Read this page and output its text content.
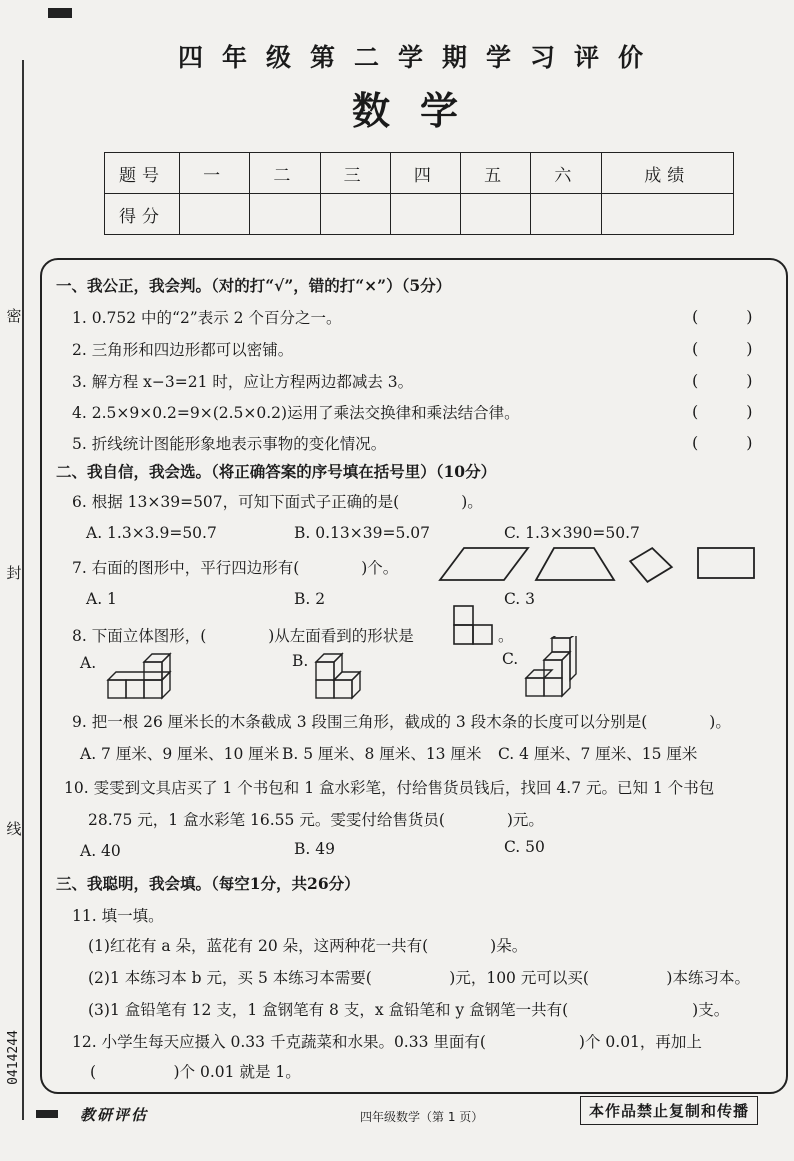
密
封
线
0414244
四年级第二学期学习评价
数学
题号	一	二	三	四	五	六	成绩
得分							
一、我公正，我会判。（对的打“√”，错的打“×”）（5分）
1. 0.752 中的“2”表示 2 个百分之一。	(　　　)
2. 三角形和四边形都可以密铺。	(　　　)
3. 解方程 x−3=21 时，应让方程两边都减去 3。	(　　　)
4. 2.5×9×0.2=9×(2.5×0.2)运用了乘法交换律和乘法结合律。	(　　　)
5. 折线统计图能形象地表示事物的变化情况。	(　　　)
二、我自信，我会选。（将正确答案的序号填在括号里）（10分）
6. 根据 13×39=507，可知下面式子正确的是(　　　　)。
A. 1.3×3.9=50.7	B. 0.13×39=5.07	C. 1.3×390=50.7
7. 右面的图形中，平行四边形有(　　　　)个。
A. 1	B. 2	C. 3
8. 下面立体图形，(　　　　)从左面看到的形状是	。
A.	B.	C.
9. 把一根 26 厘米长的木条截成 3 段围三角形，截成的 3 段木条的长度可以分别是(　　　　)。
A. 7 厘米、9 厘米、10 厘米 B. 5 厘米、8 厘米、13 厘米 C. 4 厘米、7 厘米、15 厘米
10. 雯雯到文具店买了 1 个书包和 1 盒水彩笔，付给售货员钱后，找回 4.7 元。已知 1 个书包
28.75 元，1 盒水彩笔 16.55 元。雯雯付给售货员(　　　　)元。
A. 40	B. 49	C. 50
三、我聪明，我会填。（每空1分，共26分）
11. 填一填。
(1)红花有 a 朵，蓝花有 20 朵，这两种花一共有(　　　　)朵。
(2)1 本练习本 b 元，买 5 本练习本需要(　　　　　)元，100 元可以买(　　　　　)本练习本。
(3)1 盒铅笔有 12 支，1 盒钢笔有 8 支，x 盒铅笔和 y 盒钢笔一共有(　　　　　　　　)支。
12. 小学生每天应摄入 0.33 千克蔬菜和水果。0.33 里面有(　　　　　　)个 0.01，再加上
(　　　　　)个 0.01 就是 1。
教研评估	四年级数学（第 1 页）	本作品禁止复制和传播
